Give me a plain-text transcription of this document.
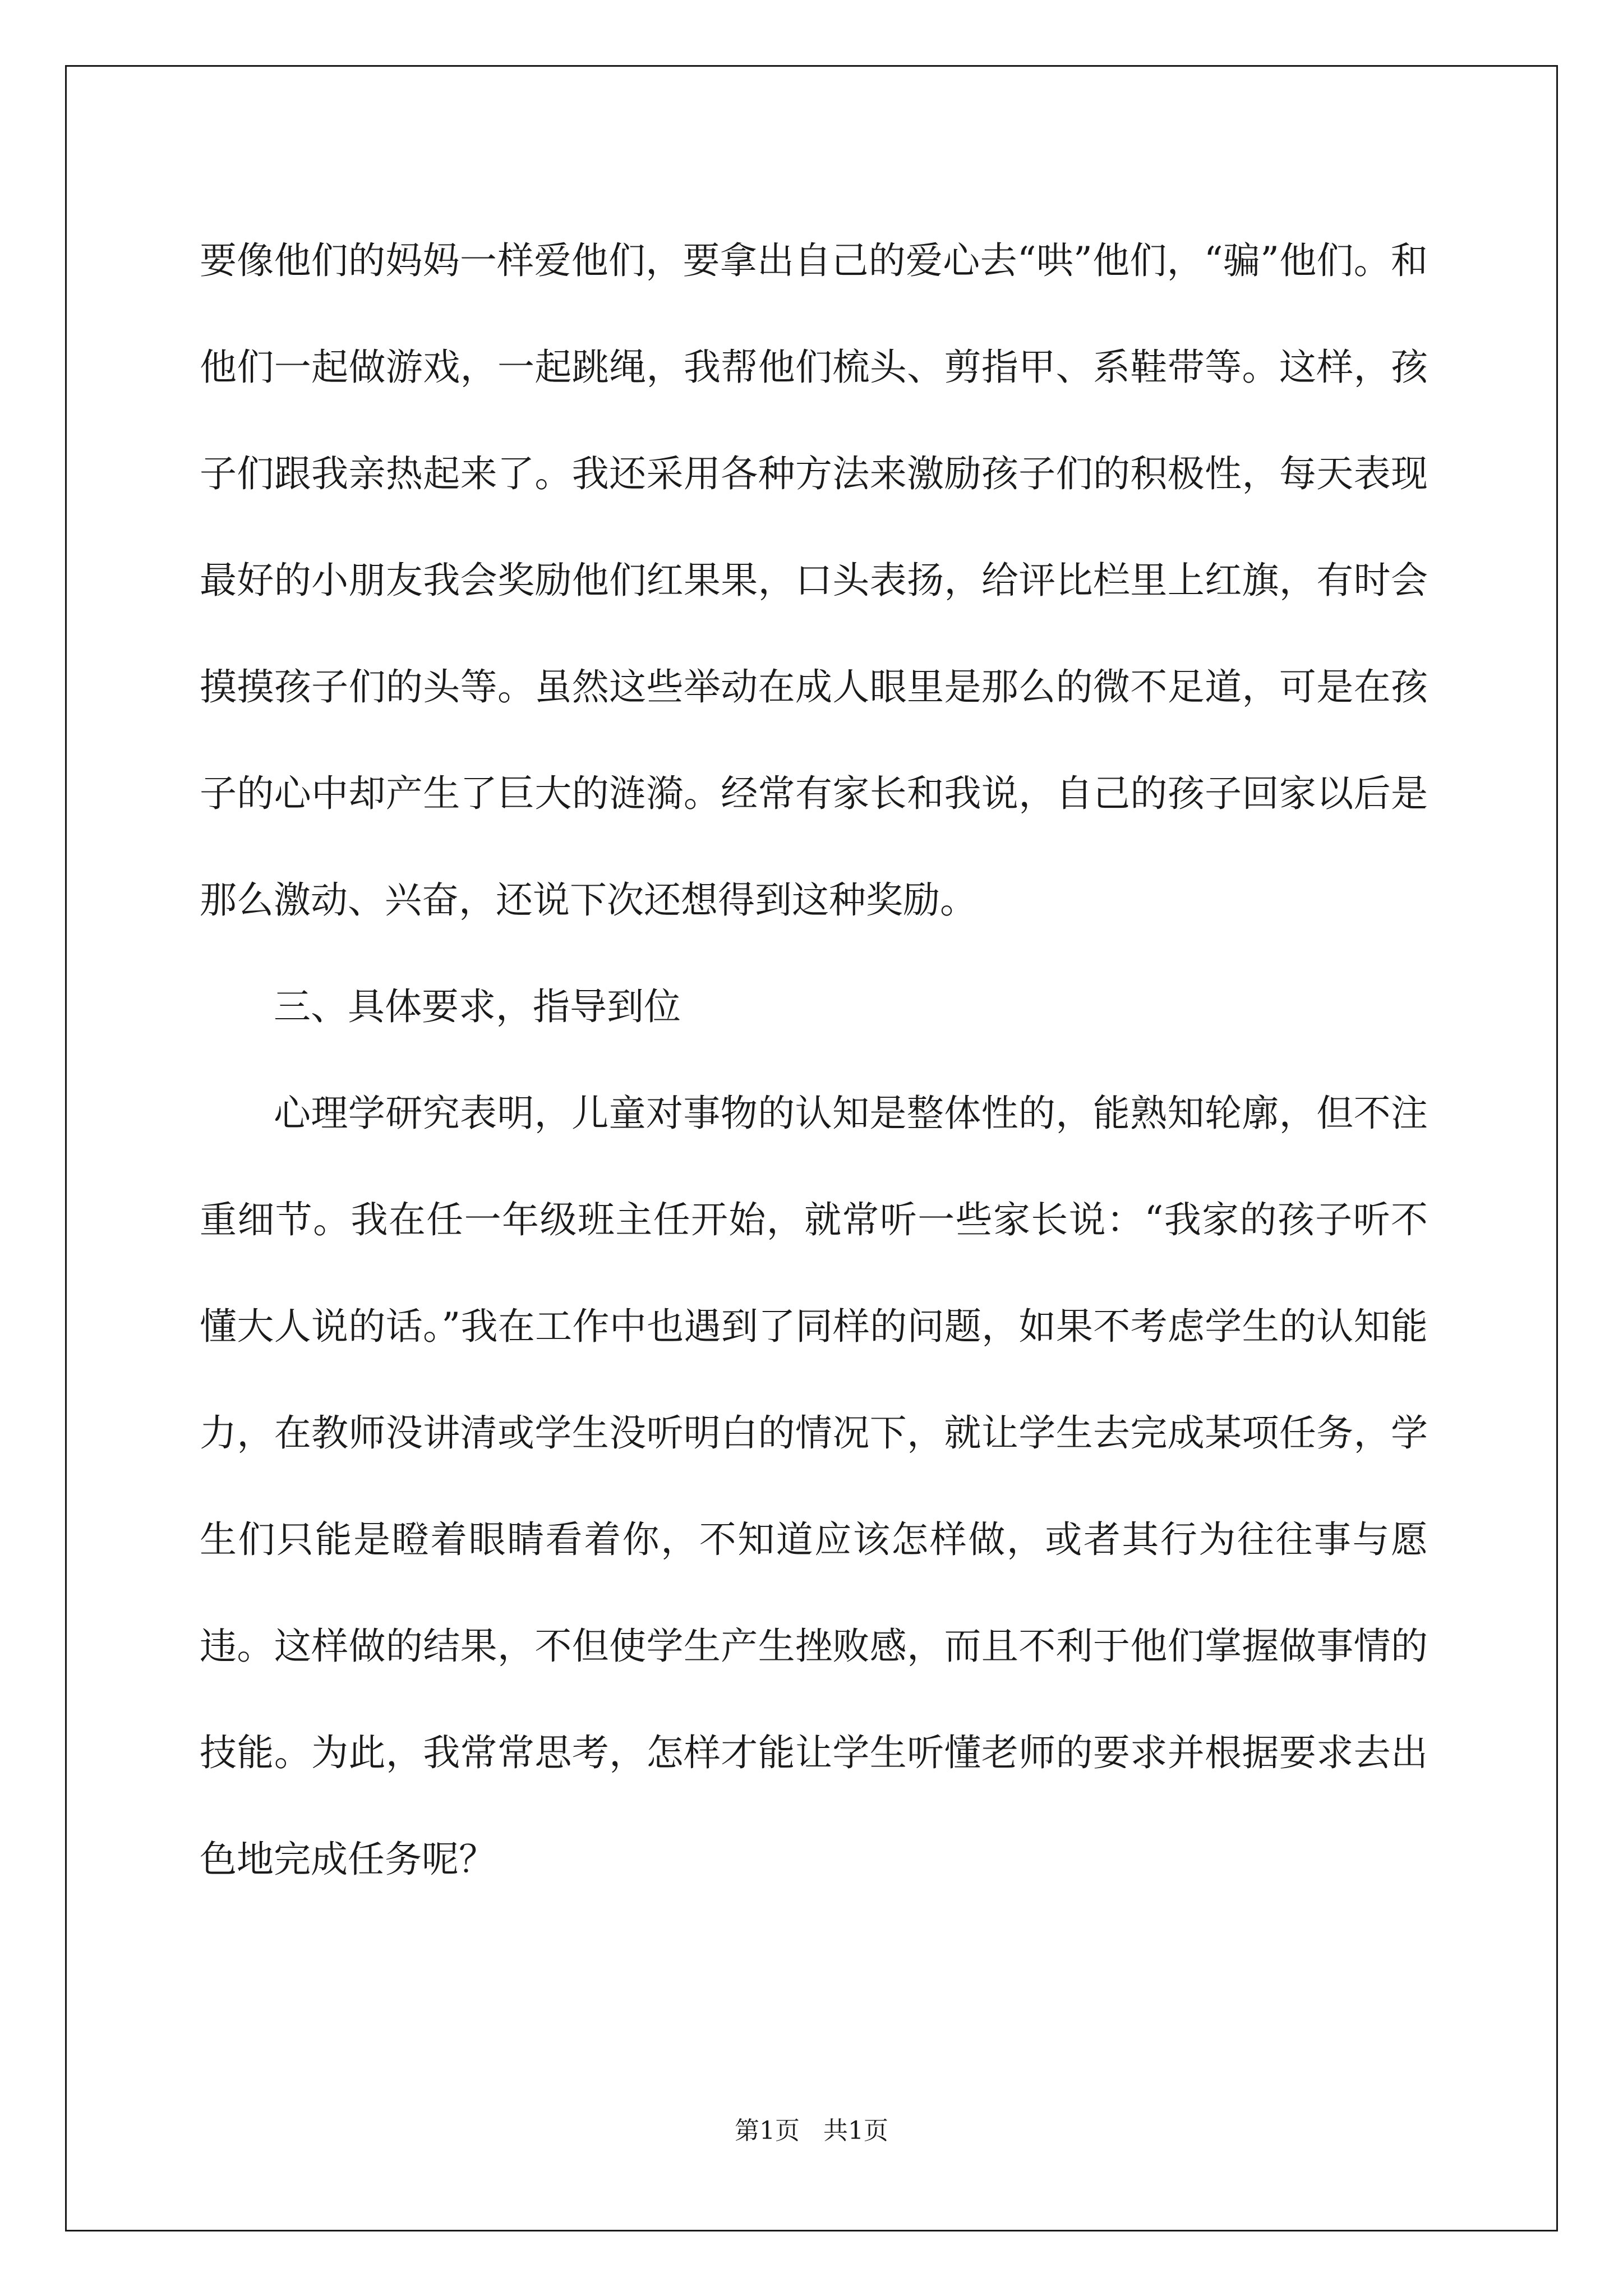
要像他们的妈妈一样爱他们，要拿出自己的爱心去“哄”他们，“骗”他们。和他们一起做游戏，一起跳绳，我帮他们梳头、剪指甲、系鞋带等。这样，孩子们跟我亲热起来了。我还采用各种方法来激励孩子们的积极性，每天表现最好的小朋友我会奖励他们红果果，口头表扬，给评比栏里上红旗，有时会摸摸孩子们的头等。虽然这些举动在成人眼里是那么的微不足道，可是在孩子的心中却产生了巨大的涟漪。经常有家长和我说，自己的孩子回家以后是那么激动、兴奋，还说下次还想得到这种奖励。

三、具体要求，指导到位

心理学研究表明，儿童对事物的认知是整体性的，能熟知轮廓，但不注重细节。我在任一年级班主任开始，就常听一些家长说：“我家的孩子听不懂大人说的话。”我在工作中也遇到了同样的问题，如果不考虑学生的认知能力，在教师没讲清或学生没听明白的情况下，就让学生去完成某项任务，学生们只能是瞪着眼睛看着你，不知道应该怎样做，或者其行为往往事与愿违。这样做的结果，不但使学生产生挫败感，而且不利于他们掌握做事情的技能。为此，我常常思考，怎样才能让学生听懂老师的要求并根据要求去出色地完成任务呢？

第1页   共1页
